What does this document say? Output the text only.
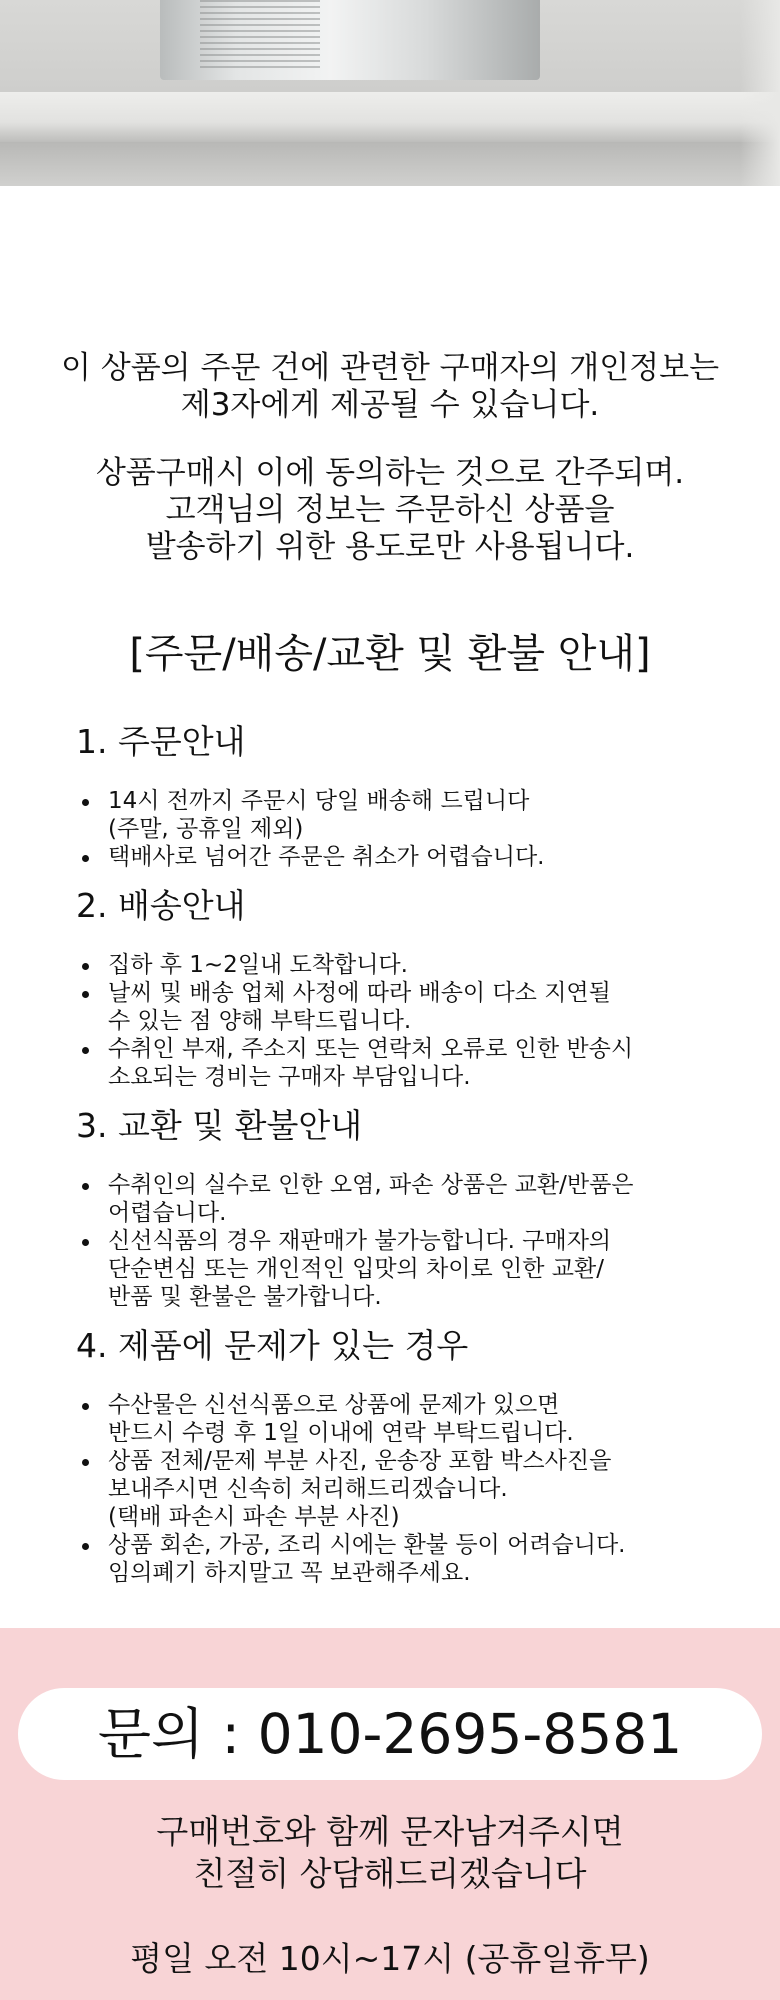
이 상품의 주문 건에 관련한 구매자의 개인정보는
제3자에게 제공될 수 있습니다.
상품구매시 이에 동의하는 것으로 간주되며.
고객님의 정보는 주문하신 상품을
발송하기 위한 용도로만 사용됩니다.
[주문/배송/교환 및 환불 안내]
1. 주문안내
14시 전까지 주문시 당일 배송해 드립니다
(주말, 공휴일 제외)
택배사로 넘어간 주문은 취소가 어렵습니다.
2. 배송안내
집하 후 1~2일내 도착합니다.
날씨 및 배송 업체 사정에 따라 배송이 다소 지연될
수 있는 점 양해 부탁드립니다.
수취인 부재, 주소지 또는 연락처 오류로 인한 반송시
소요되는 경비는 구매자 부담입니다.
3. 교환 및 환불안내
수취인의 실수로 인한 오염, 파손 상품은 교환/반품은
어렵습니다.
신선식품의 경우 재판매가 불가능합니다. 구매자의
단순변심 또는 개인적인 입맛의 차이로 인한 교환/
반품 및 환불은 불가합니다.
4. 제품에 문제가 있는 경우
수산물은 신선식품으로 상품에 문제가 있으면
반드시 수령 후 1일 이내에 연락 부탁드립니다.
상품 전체/문제 부분 사진, 운송장 포함 박스사진을
보내주시면 신속히 처리해드리겠습니다.
(택배 파손시 파손 부분 사진)
상품 회손, 가공, 조리 시에는 환불 등이 어려습니다.
임의폐기 하지말고 꼭 보관해주세요.
문의 : 010-2695-8581
구매번호와 함께 문자남겨주시면
친절히 상담해드리겠습니다
평일 오전 10시~17시 (공휴일휴무)
